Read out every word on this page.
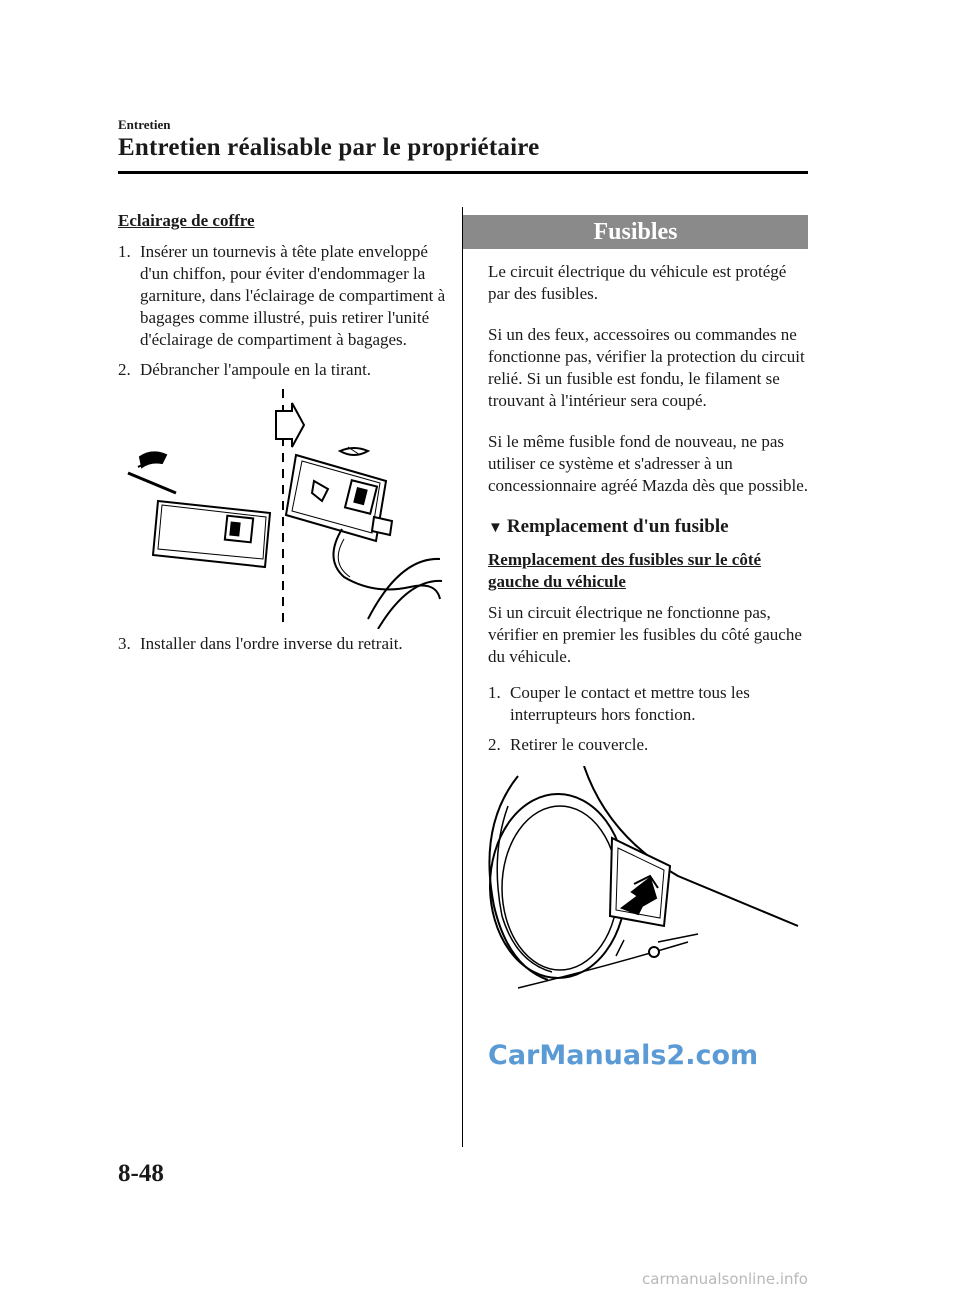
Entretien
Entretien réalisable par le propriétaire
Eclairage de coffre
1. Insérer un tournevis à tête plate enveloppé d'un chiffon, pour éviter d'endommager la garniture, dans l'éclairage de compartiment à bagages comme illustré, puis retirer l'unité d'éclairage de compartiment à bagages.
2. Débrancher l'ampoule en la tirant.
3. Installer dans l'ordre inverse du retrait.
Fusibles
Le circuit électrique du véhicule est protégé par des fusibles.
Si un des feux, accessoires ou commandes ne fonctionne pas, vérifier la protection du circuit relié. Si un fusible est fondu, le filament se trouvant à l'intérieur sera coupé.
Si le même fusible fond de nouveau, ne pas utiliser ce système et s'adresser à un concessionnaire agréé Mazda dès que possible.
▼ Remplacement d'un fusible
Remplacement des fusibles sur le côté gauche du véhicule
Si un circuit électrique ne fonctionne pas, vérifier en premier les fusibles du côté gauche du véhicule.
1. Couper le contact et mettre tous les interrupteurs hors fonction.
2. Retirer le couvercle.
CarManuals2.com
8-48
carmanualsonline.info
